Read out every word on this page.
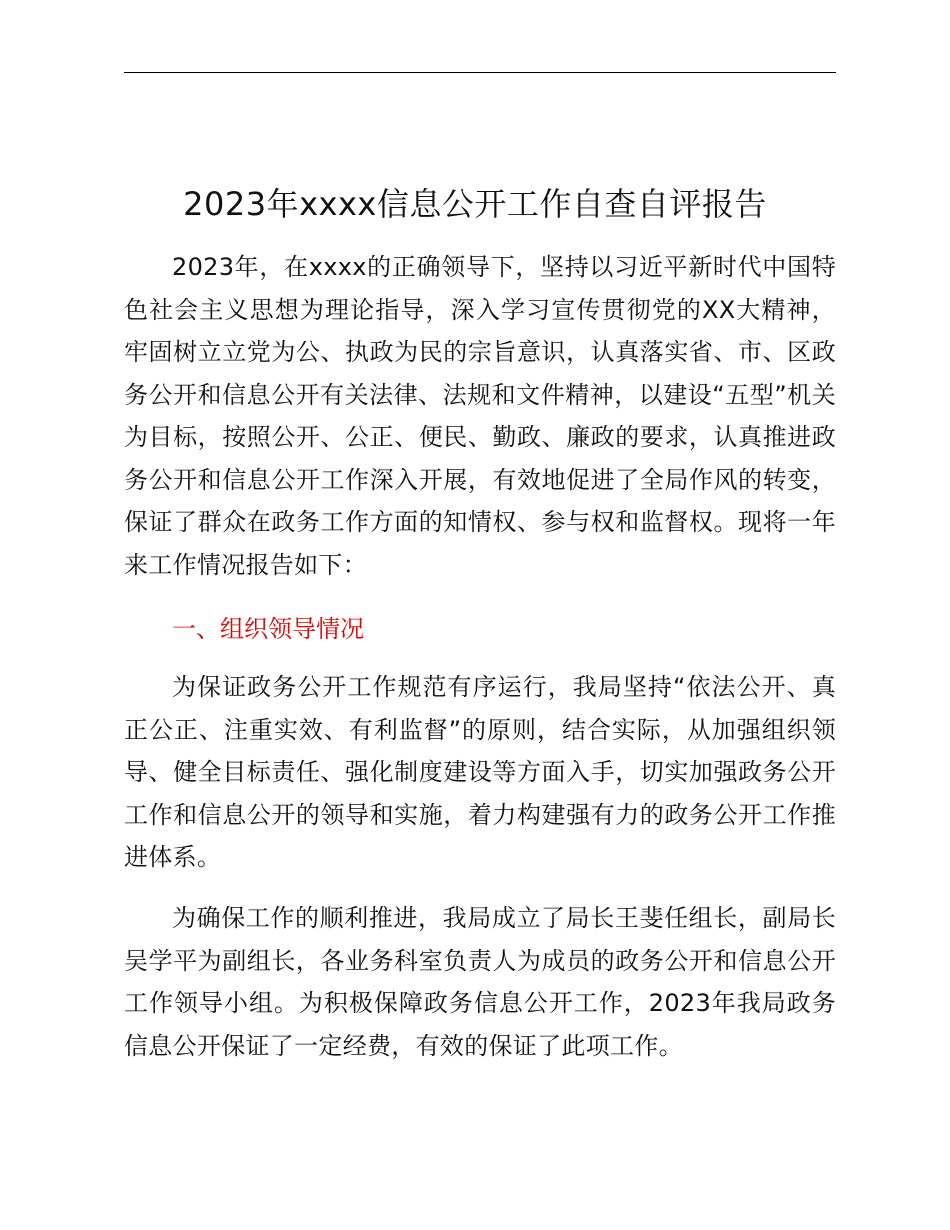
2023年xxxx信息公开工作自查自评报告

2023年，在xxxx的正确领导下，坚持以习近平新时代中国特色社会主义思想为理论指导，深入学习宣传贯彻党的XX大精神，牢固树立立党为公、执政为民的宗旨意识，认真落实省、市、区政务公开和信息公开有关法律、法规和文件精神，以建设“五型”机关为目标，按照公开、公正、便民、勤政、廉政的要求，认真推进政务公开和信息公开工作深入开展，有效地促进了全局作风的转变，保证了群众在政务工作方面的知情权、参与权和监督权。现将一年来工作情况报告如下：

一、组织领导情况

为保证政务公开工作规范有序运行，我局坚持“依法公开、真正公正、注重实效、有利监督”的原则，结合实际，从加强组织领导、健全目标责任、强化制度建设等方面入手，切实加强政务公开工作和信息公开的领导和实施，着力构建强有力的政务公开工作推进体系。

为确保工作的顺利推进，我局成立了局长王斐任组长，副局长吴学平为副组长，各业务科室负责人为成员的政务公开和信息公开工作领导小组。为积极保障政务信息公开工作，2023年我局政务信息公开保证了一定经费，有效的保证了此项工作。
